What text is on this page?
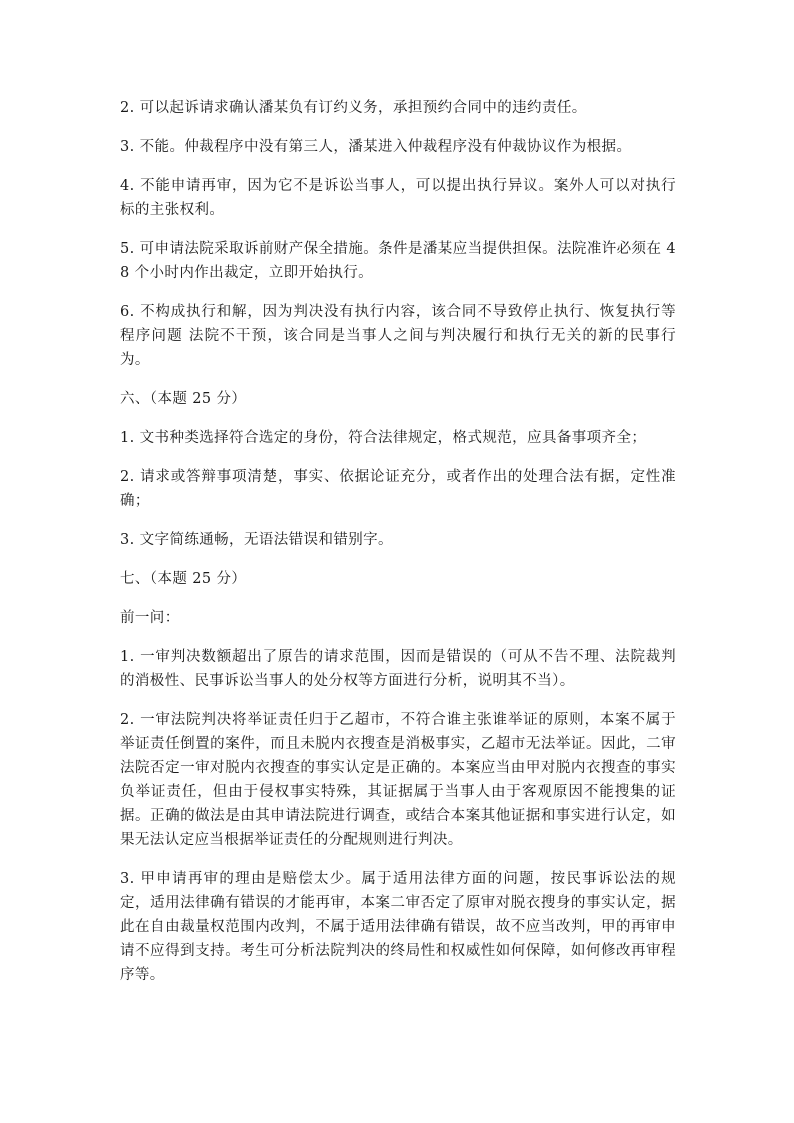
2. 可以起诉请求确认潘某负有订约义务，承担预约合同中的违约责任。

3. 不能。仲裁程序中没有第三人，潘某进入仲裁程序没有仲裁协议作为根据。

4. 不能申请再审，因为它不是诉讼当事人，可以提出执行异议。案外人可以对执行标的主张权利。

5. 可申请法院采取诉前财产保全措施。条件是潘某应当提供担保。法院准许必须在 48 个小时内作出裁定，立即开始执行。

6. 不构成执行和解，因为判决没有执行内容，该合同不导致停止执行、恢复执行等程序问题 法院不干预，该合同是当事人之间与判决履行和执行无关的新的民事行为。

六、（本题 25 分）

1. 文书种类选择符合选定的身份，符合法律规定，格式规范，应具备事项齐全；

2. 请求或答辩事项清楚，事实、依据论证充分，或者作出的处理合法有据，定性准确；

3. 文字简练通畅，无语法错误和错别字。

七、（本题 25 分）

前一问：

1. 一审判决数额超出了原告的请求范围，因而是错误的（可从不告不理、法院裁判的消极性、民事诉讼当事人的处分权等方面进行分析，说明其不当）。

2. 一审法院判决将举证责任归于乙超市，不符合谁主张谁举证的原则，本案不属于举证责任倒置的案件，而且未脱内衣搜查是消极事实，乙超市无法举证。因此，二审法院否定一审对脱内衣搜查的事实认定是正确的。本案应当由甲对脱内衣搜查的事实负举证责任，但由于侵权事实特殊，其证据属于当事人由于客观原因不能搜集的证据。正确的做法是由其申请法院进行调查，或结合本案其他证据和事实进行认定，如果无法认定应当根据举证责任的分配规则进行判决。

3. 甲申请再审的理由是赔偿太少。属于适用法律方面的问题，按民事诉讼法的规定，适用法律确有错误的才能再审，本案二审否定了原审对脱衣搜身的事实认定，据此在自由裁量权范围内改判，不属于适用法律确有错误，故不应当改判，甲的再审申请不应得到支持。考生可分析法院判决的终局性和权威性如何保障，如何修改再审程序等。
